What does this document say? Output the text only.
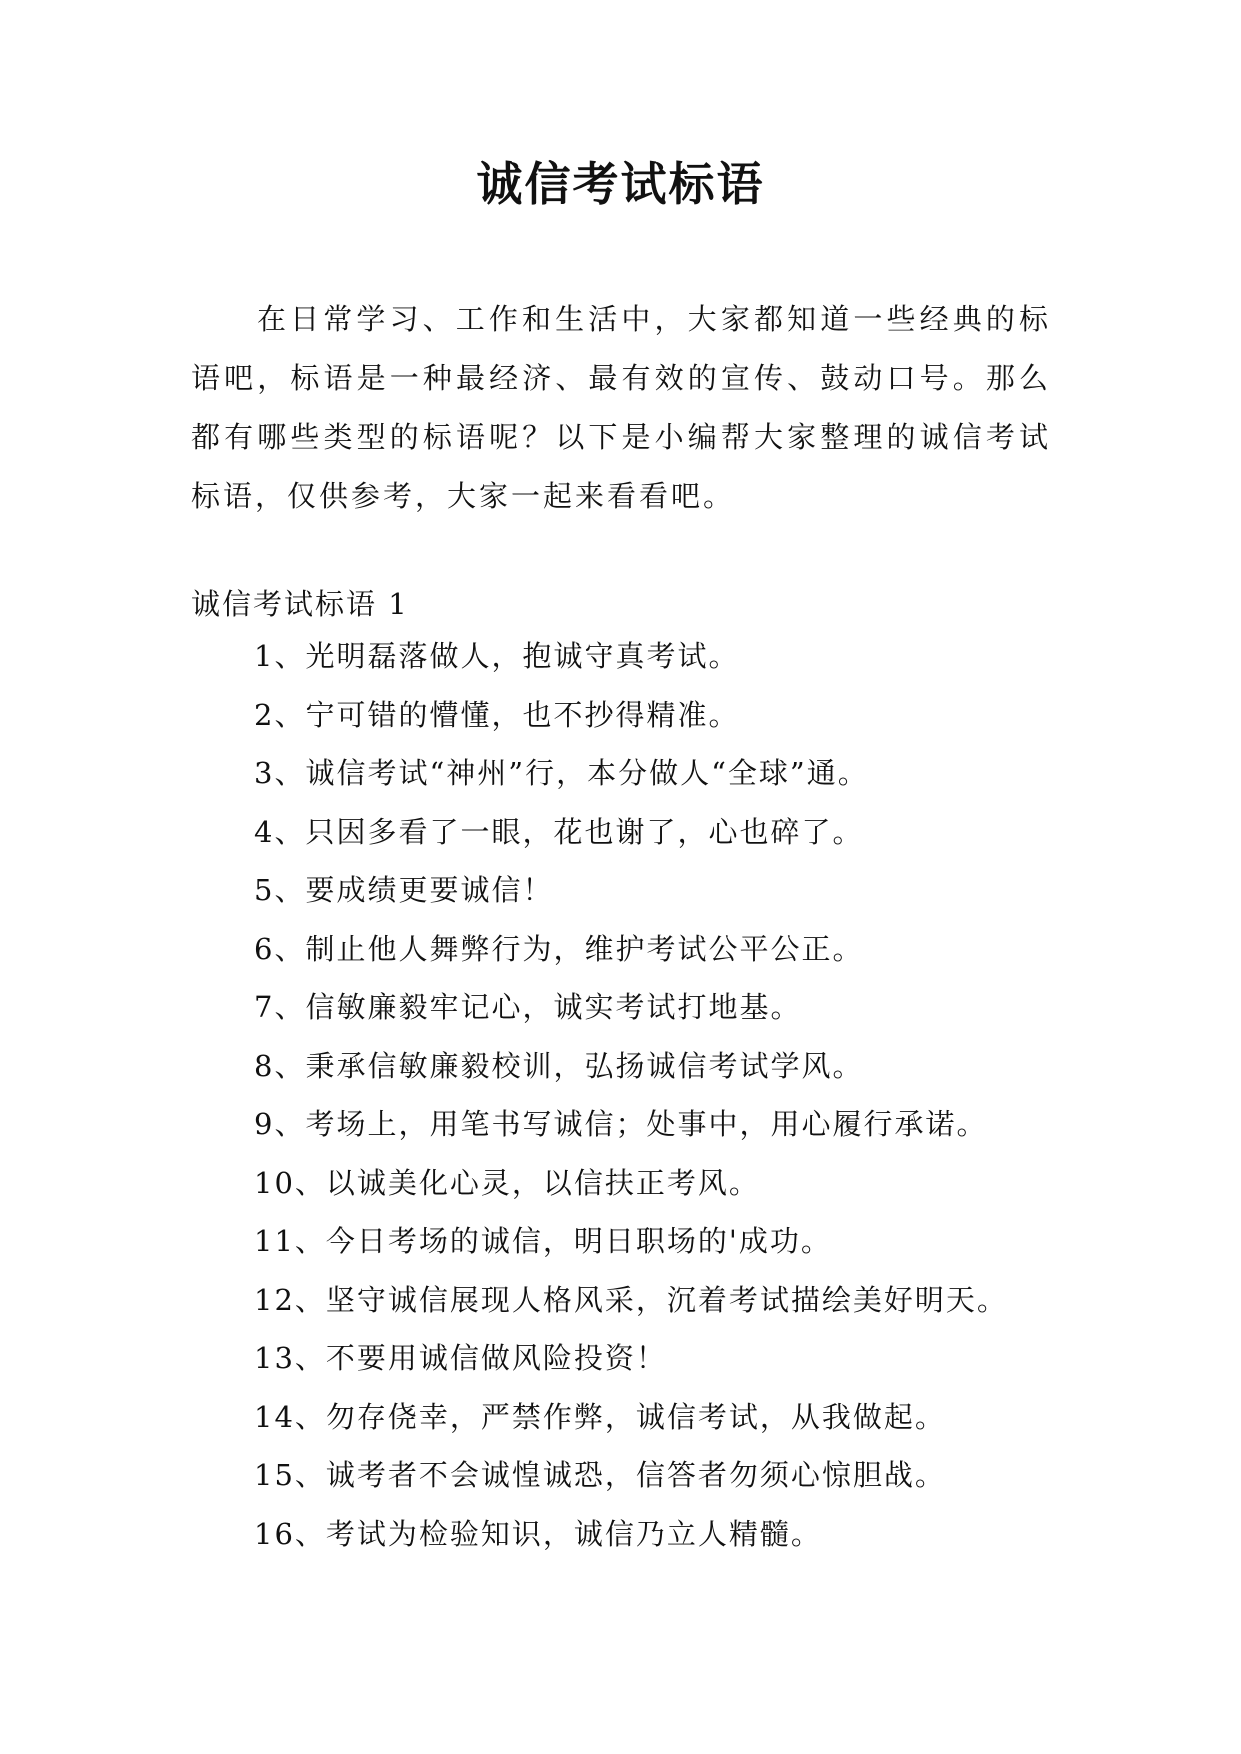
诚信考试标语

在日常学习、工作和生活中，大家都知道一些经典的标语吧，标语是一种最经济、最有效的宣传、鼓动口号。那么都有哪些类型的标语呢？以下是小编帮大家整理的诚信考试标语，仅供参考，大家一起来看看吧。

诚信考试标语 1
1、光明磊落做人，抱诚守真考试。
2、宁可错的懵懂，也不抄得精准。
3、诚信考试“神州”行，本分做人“全球”通。
4、只因多看了一眼，花也谢了，心也碎了。
5、要成绩更要诚信！
6、制止他人舞弊行为，维护考试公平公正。
7、信敏廉毅牢记心，诚实考试打地基。
8、秉承信敏廉毅校训，弘扬诚信考试学风。
9、考场上，用笔书写诚信；处事中，用心履行承诺。
10、以诚美化心灵，以信扶正考风。
11、今日考场的诚信，明日职场的'成功。
12、坚守诚信展现人格风采，沉着考试描绘美好明天。
13、不要用诚信做风险投资！
14、勿存侥幸，严禁作弊，诚信考试，从我做起。
15、诚考者不会诚惶诚恐，信答者勿须心惊胆战。
16、考试为检验知识，诚信乃立人精髓。
